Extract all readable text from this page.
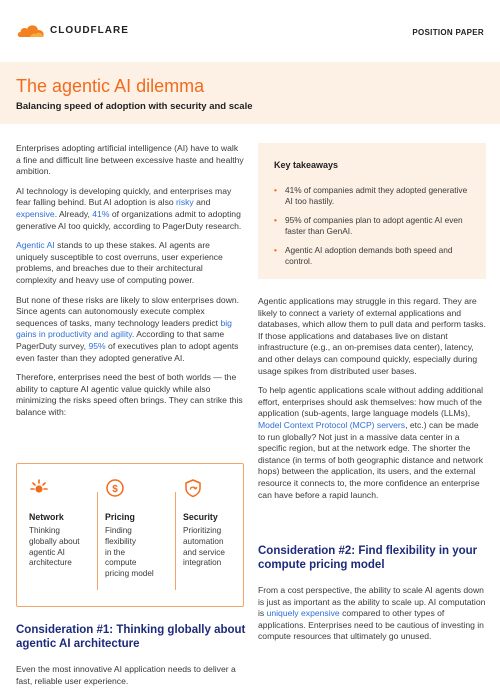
CLOUDFLARE	POSITION PAPER
The agentic AI dilemma
Balancing speed of adoption with security and scale

Enterprises adopting artificial intelligence (AI) have to walk a fine and difficult line between excessive haste and healthy ambition.

AI technology is developing quickly, and enterprises may fear falling behind. But AI adoption is also risky and expensive. Already, 41% of organizations admit to adopting generative AI too quickly, according to PagerDuty research.

Agentic AI stands to up these stakes. AI agents are uniquely susceptible to cost overruns, user experience problems, and breaches due to their architectural complexity and heavy use of computing power.

But none of these risks are likely to slow enterprises down. Since agents can autonomously execute complex sequences of tasks, many technology leaders predict big gains in productivity and agility. According to that same PagerDuty survey, 95% of executives plan to adopt agents even faster than they adopted generative AI.

Therefore, enterprises need the best of both worlds — the ability to capture AI agentic value quickly while also minimizing the risks speed often brings. They can strike this balance with:

Network
Thinking
globally about
agentic AI
architecture
$
Pricing
Finding
flexibility
in the
compute
pricing model
Security
Prioritizing
automation
and service
integration
Consideration #1: Thinking globally about agentic AI architecture
Even the most innovative AI application needs to deliver a fast, reliable user experience.
Key takeaways
• 41% of companies admit they adopted generative AI too hastily.
• 95% of companies plan to adopt agentic AI even faster than GenAI.
• Agentic AI adoption demands both speed and control.

Agentic applications may struggle in this regard. They are likely to connect a variety of external applications and databases, which allow them to pull data and perform tasks. If those applications and databases live on distant infrastructure (e.g., an on-premises data center), latency, and other delays can compound quickly, especially during usage spikes from distributed user bases.

To help agentic applications scale without adding additional effort, enterprises should ask themselves: how much of the application (sub-agents, large language models (LLMs), Model Context Protocol (MCP) servers, etc.) can be made to run globally? Not just in a massive data center in a specific region, but at the network edge. The shorter the distance (in terms of both geographic distance and network hops) between the application, its users, and the external resource it connects to, the more confidence an enterprise can have before a rapid launch.

Consideration #2: Find flexibility in your compute pricing model
From a cost perspective, the ability to scale AI agents down is just as important as the ability to scale up. AI computation is uniquely expensive compared to other types of applications. Enterprises need to be cautious of investing in compute resources that ultimately go unused.
